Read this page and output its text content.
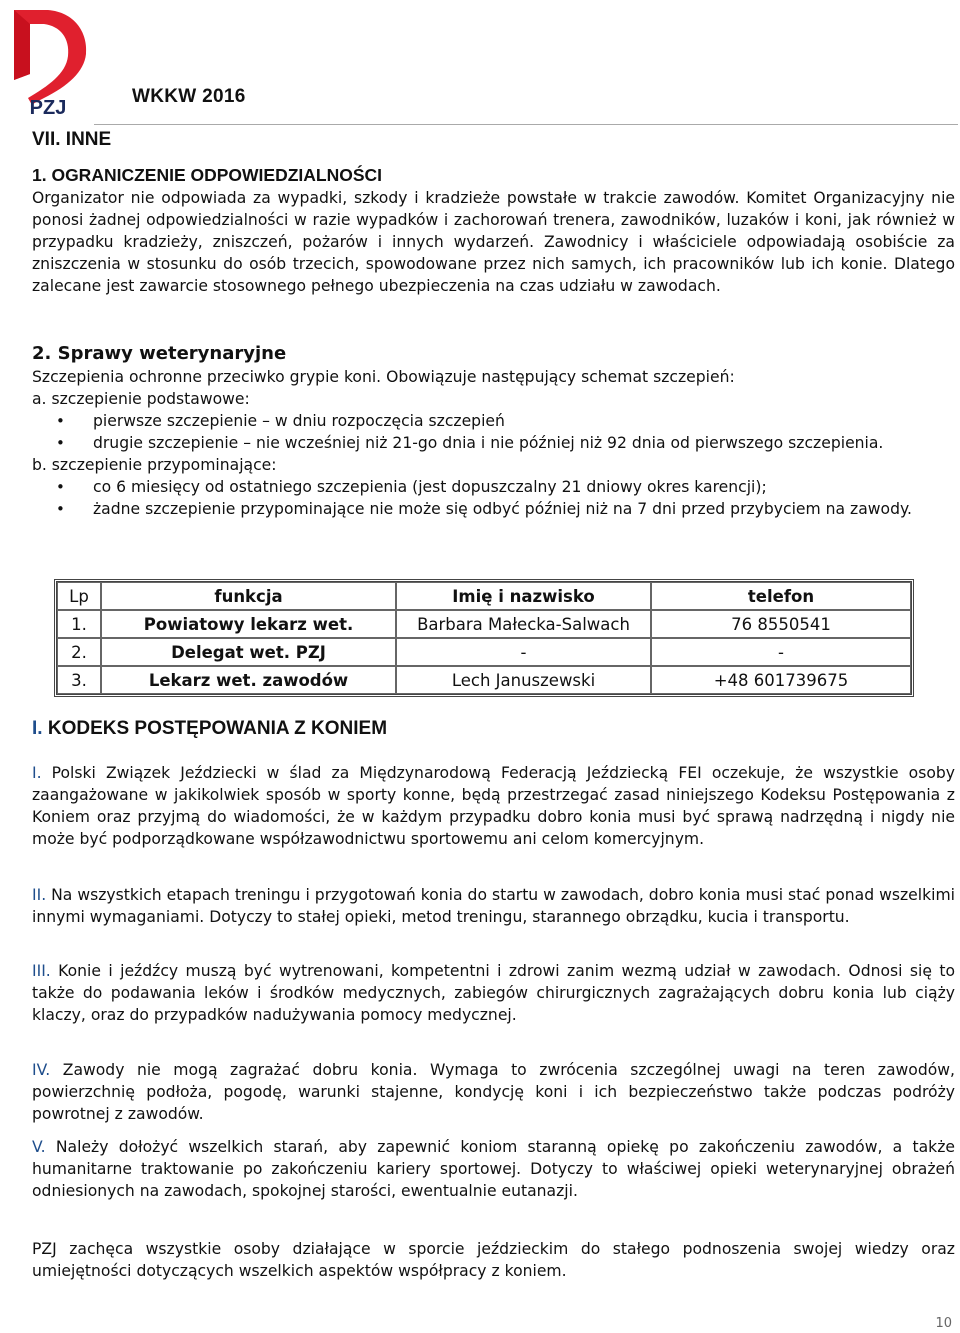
PZJ
WKKW 2016
VII. INNE

1. OGRANICZENIE ODPOWIEDZIALNOŚCI

Organizator nie odpowiada za wypadki, szkody i kradzieże powstałe w trakcie zawodów. Komitet Organizacyjny nie ponosi żadnej odpowiedzialności w razie wypadków i zachorowań trenera, zawodników, luzaków i koni, jak również w przypadku kradzieży, zniszczeń, pożarów i innych wydarzeń. Zawodnicy i właściciele odpowiadają osobiście za zniszczenia w stosunku do osób trzecich, spowodowane przez nich samych, ich pracowników lub ich konie. Dlatego zalecane jest zawarcie stosownego pełnego ubezpieczenia na czas udziału w zawodach.

2. Sprawy weterynaryjne

Szczepienia ochronne przeciwko grypie koni. Obowiązuje następujący schemat szczepień:

a. szczepienie podstawowe:

• pierwsze szczepienie – w dniu rozpoczęcia szczepień
• drugie szczepienie – nie wcześniej niż 21-go dnia i nie później niż 92 dnia od pierwszego szczepienia.

b. szczepienie przypominające:

• co 6 miesięcy od ostatniego szczepienia (jest dopuszczalny 21 dniowy okres karencji);
• żadne szczepienie przypominające nie może się odbyć później niż na 7 dni przed przybyciem na zawody.
Lp	funkcja	Imię i nazwisko	telefon
1.	Powiatowy lekarz wet.	Barbara Małecka-Salwach	76 8550541
2.	Delegat wet. PZJ	-	-
3.	Lekarz wet. zawodów	Lech Januszewski	+48 601739675
I. KODEKS POSTĘPOWANIA Z KONIEM

I. Polski Związek Jeździecki w ślad za Międzynarodową Federacją Jeździecką FEI oczekuje, że wszystkie osoby zaangażowane w jakikolwiek sposób w sporty konne, będą przestrzegać zasad niniejszego Kodeksu Postępowania z Koniem oraz przyjmą do wiadomości, że w każdym przypadku dobro konia musi być sprawą nadrzędną i nigdy nie może być podporządkowane współzawodnictwu sportowemu ani celom komercyjnym.

II. Na wszystkich etapach treningu i przygotowań konia do startu w zawodach, dobro konia musi stać ponad wszelkimi innymi wymaganiami. Dotyczy to stałej opieki, metod treningu, starannego obrządku, kucia i transportu.

III. Konie i jeźdźcy muszą być wytrenowani, kompetentni i zdrowi zanim wezmą udział w zawodach. Odnosi się to także do podawania leków i środków medycznych, zabiegów chirurgicznych zagrażających dobru konia lub ciąży klaczy, oraz do przypadków nadużywania pomocy medycznej.

IV. Zawody nie mogą zagrażać dobru konia. Wymaga to zwrócenia szczególnej uwagi na teren zawodów, powierzchnię podłoża, pogodę, warunki stajenne, kondycję koni i ich bezpieczeństwo także podczas podróży powrotnej z zawodów.

V. Należy dołożyć wszelkich starań, aby zapewnić koniom staranną opiekę po zakończeniu zawodów, a także humanitarne traktowanie po zakończeniu kariery sportowej. Dotyczy to właściwej opieki weterynaryjnej obrażeń odniesionych na zawodach, spokojnej starości, ewentualnie eutanazji.

PZJ zachęca wszystkie osoby działające w sporcie jeździeckim do stałego podnoszenia swojej wiedzy oraz umiejętności dotyczących wszelkich aspektów współpracy z koniem.

10
